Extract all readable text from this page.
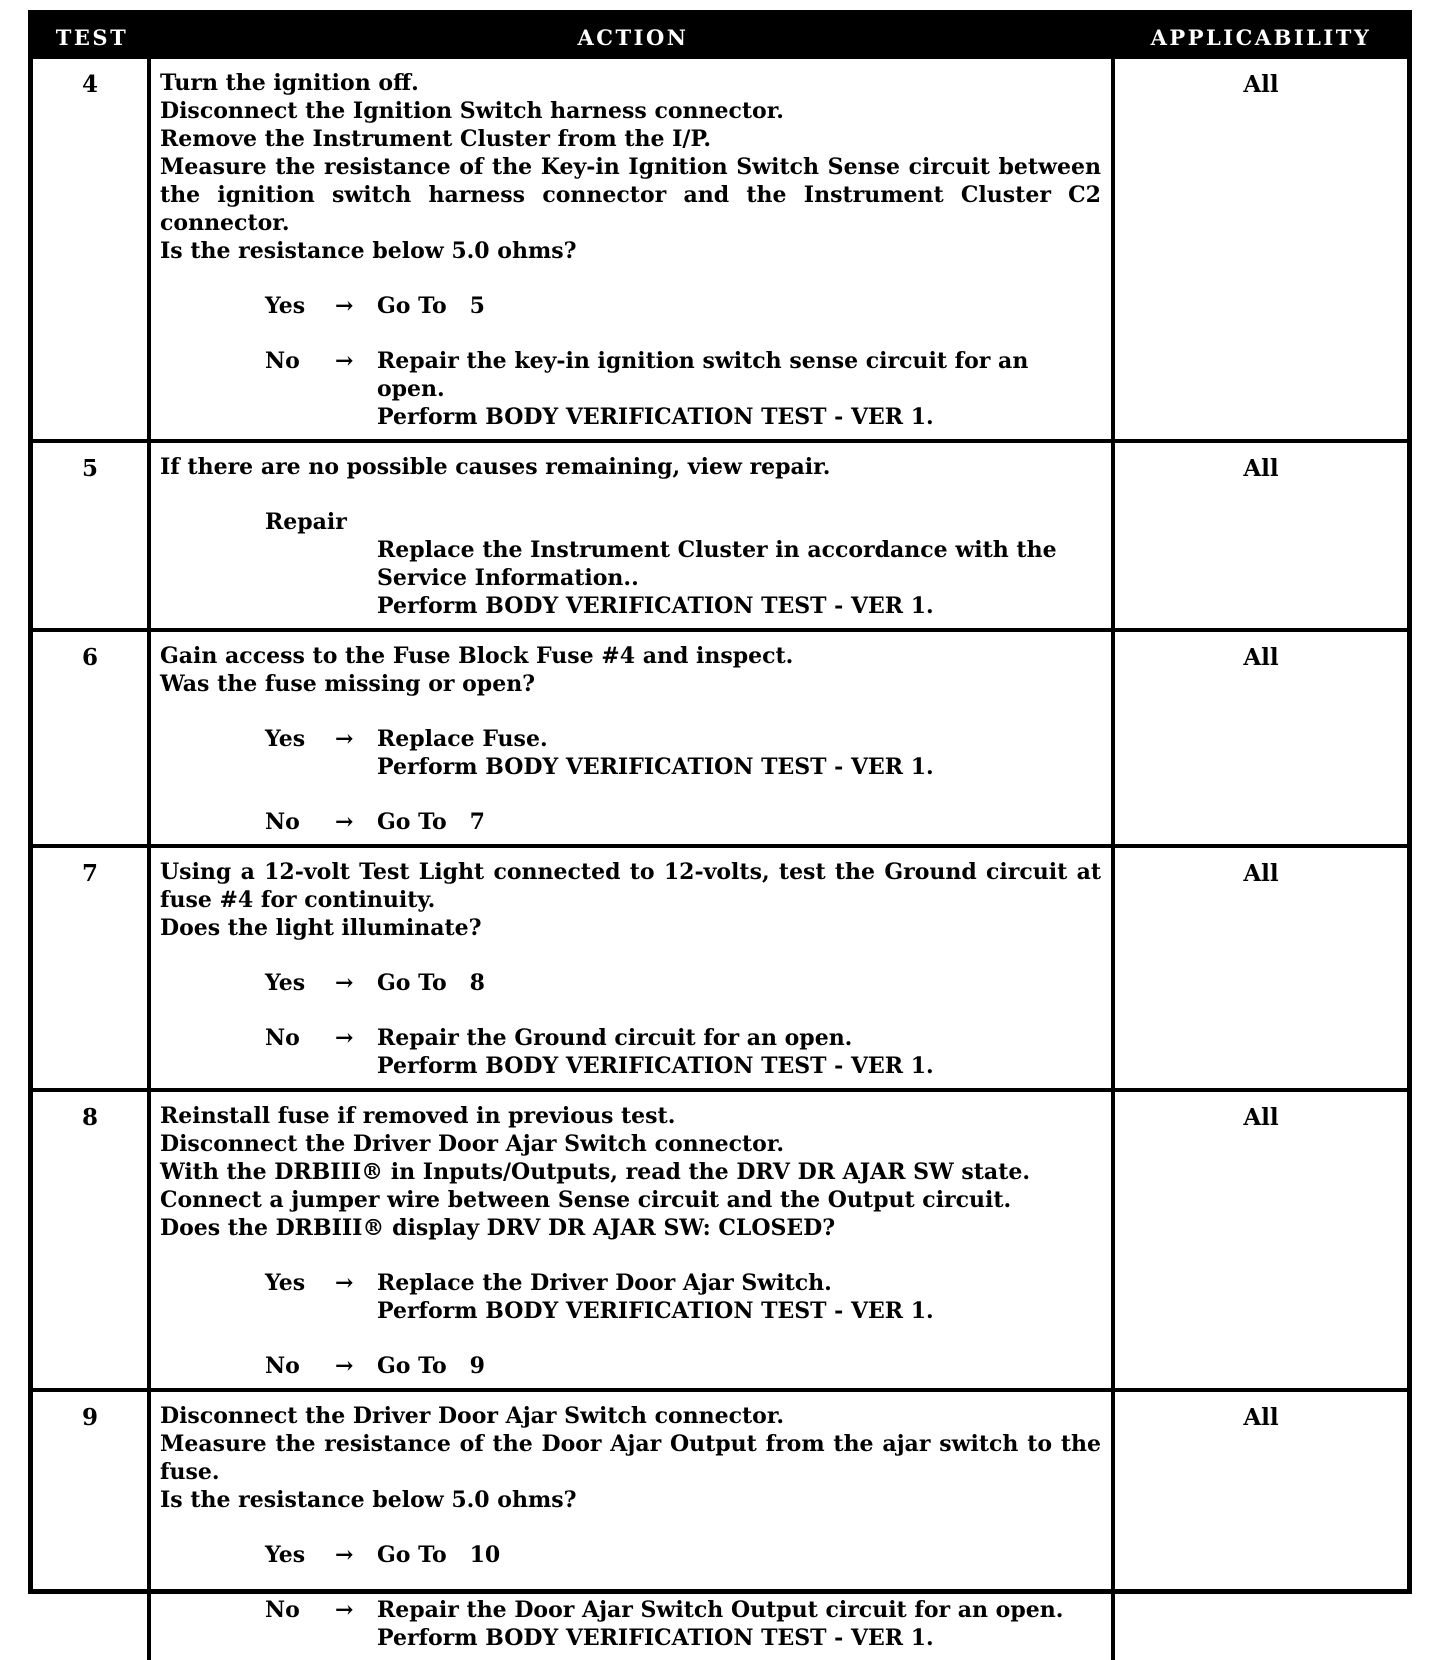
TEST	ACTION	APPLICABILITY
4	Turn the ignition off.
Disconnect the Ignition Switch harness connector.
Remove the Instrument Cluster from the I/P.
Measure the resistance of the Key-in Ignition Switch Sense circuit between the ignition switch harness connector and the Instrument Cluster C2 connector.
Is the resistance below 5.0 ohms?
Yes	→	Go To   5
No	→	Repair the key-in ignition switch sense circuit for an open.
Perform BODY VERIFICATION TEST - VER 1.
All
5	If there are no possible causes remaining, view repair.
Repair
Replace the Instrument Cluster in accordance with the Service Information..
Perform BODY VERIFICATION TEST - VER 1.
All
6	Gain access to the Fuse Block Fuse #4 and inspect.
Was the fuse missing or open?
Yes	→	Replace Fuse.
Perform BODY VERIFICATION TEST - VER 1.
No	→	Go To   7
All
7	Using a 12-volt Test Light connected to 12-volts, test the Ground circuit at fuse #4 for continuity.
Does the light illuminate?
Yes	→	Go To   8
No	→	Repair the Ground circuit for an open.
Perform BODY VERIFICATION TEST - VER 1.
All
8	Reinstall fuse if removed in previous test.
Disconnect the Driver Door Ajar Switch connector.
With the DRBIII® in Inputs/Outputs, read the DRV DR AJAR SW state.
Connect a jumper wire between Sense circuit and the Output circuit.
Does the DRBIII® display DRV DR AJAR SW: CLOSED?
Yes	→	Replace the Driver Door Ajar Switch.
Perform BODY VERIFICATION TEST - VER 1.
No	→	Go To   9
All
9	Disconnect the Driver Door Ajar Switch connector.
Measure the resistance of the Door Ajar Output from the ajar switch to the fuse.
Is the resistance below 5.0 ohms?
Yes	→	Go To   10
No	→	Repair the Door Ajar Switch Output circuit for an open.
Perform BODY VERIFICATION TEST - VER 1.
All
